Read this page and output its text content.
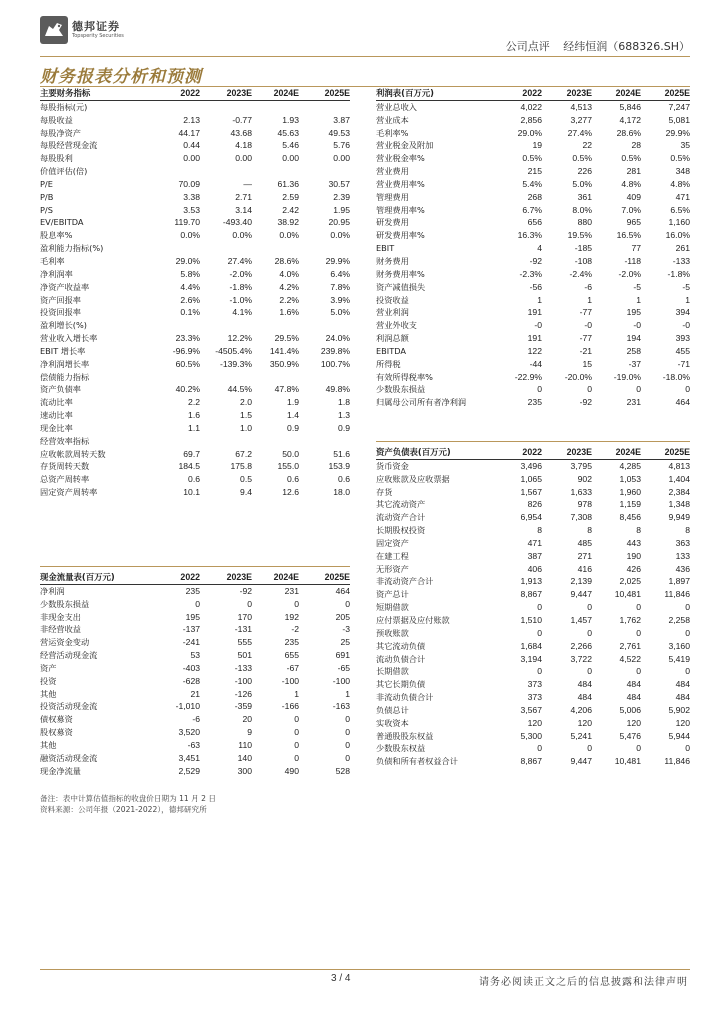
德邦证券
Topsperity Securities
公司点评 经纬恒润（688326.SH）
财务报表分析和预测
主要财务指标	2022	2023E	2024E	2025E
每股指标(元)				
每股收益	2.13	-0.77	1.93	3.87
每股净资产	44.17	43.68	45.63	49.53
每股经营现金流	0.44	4.18	5.46	5.76
每股股利	0.00	0.00	0.00	0.00
价值评估(倍)				
P/E	70.09	—	61.36	30.57
P/B	3.38	2.71	2.59	2.39
P/S	3.53	3.14	2.42	1.95
EV/EBITDA	119.70	-493.40	38.92	20.95
股息率%	0.0%	0.0%	0.0%	0.0%
盈利能力指标(%)				
毛利率	29.0%	27.4%	28.6%	29.9%
净利润率	5.8%	-2.0%	4.0%	6.4%
净资产收益率	4.4%	-1.8%	4.2%	7.8%
资产回报率	2.6%	-1.0%	2.2%	3.9%
投资回报率	0.1%	4.1%	1.6%	5.0%
盈利增长(%)				
营业收入增长率	23.3%	12.2%	29.5%	24.0%
EBIT 增长率	-96.9%	-4505.4%	141.4%	239.8%
净利润增长率	60.5%	-139.3%	350.9%	100.7%
偿债能力指标				
资产负债率	40.2%	44.5%	47.8%	49.8%
流动比率	2.2	2.0	1.9	1.8
速动比率	1.6	1.5	1.4	1.3
现金比率	1.1	1.0	0.9	0.9
经营效率指标				
应收帐款周转天数	69.7	67.2	50.0	51.6
存货周转天数	184.5	175.8	155.0	153.9
总资产周转率	0.6	0.5	0.6	0.6
固定资产周转率	10.1	9.4	12.6	18.0
利润表(百万元)	2022	2023E	2024E	2025E
营业总收入	4,022	4,513	5,846	7,247
营业成本	2,856	3,277	4,172	5,081
毛利率%	29.0%	27.4%	28.6%	29.9%
营业税金及附加	19	22	28	35
营业税金率%	0.5%	0.5%	0.5%	0.5%
营业费用	215	226	281	348
营业费用率%	5.4%	5.0%	4.8%	4.8%
管理费用	268	361	409	471
管理费用率%	6.7%	8.0%	7.0%	6.5%
研发费用	656	880	965	1,160
研发费用率%	16.3%	19.5%	16.5%	16.0%
EBIT	4	-185	77	261
财务费用	-92	-108	-118	-133
财务费用率%	-2.3%	-2.4%	-2.0%	-1.8%
资产减值损失	-56	-6	-5	-5
投资收益	1	1	1	1
营业利润	191	-77	195	394
营业外收支	-0	-0	-0	-0
利润总额	191	-77	194	393
EBITDA	122	-21	258	455
所得税	-44	15	-37	-71
有效所得税率%	-22.9%	-20.0%	-19.0%	-18.0%
少数股东损益	0	0	0	0
归属母公司所有者净利润	235	-92	231	464
资产负债表(百万元)	2022	2023E	2024E	2025E
货币资金	3,496	3,795	4,285	4,813
应收账款及应收票据	1,065	902	1,053	1,404
存货	1,567	1,633	1,960	2,384
其它流动资产	826	978	1,159	1,348
流动资产合计	6,954	7,308	8,456	9,949
长期股权投资	8	8	8	8
固定资产	471	485	443	363
在建工程	387	271	190	133
无形资产	406	416	426	436
非流动资产合计	1,913	2,139	2,025	1,897
资产总计	8,867	9,447	10,481	11,846
短期借款	0	0	0	0
应付票据及应付账款	1,510	1,457	1,762	2,258
预收账款	0	0	0	0
其它流动负债	1,684	2,266	2,761	3,160
流动负债合计	3,194	3,722	4,522	5,419
长期借款	0	0	0	0
其它长期负债	373	484	484	484
非流动负债合计	373	484	484	484
负债总计	3,567	4,206	5,006	5,902
实收资本	120	120	120	120
普通股股东权益	5,300	5,241	5,476	5,944
少数股东权益	0	0	0	0
负债和所有者权益合计	8,867	9,447	10,481	11,846
现金流量表(百万元)	2022	2023E	2024E	2025E
净利润	235	-92	231	464
少数股东损益	0	0	0	0
非现金支出	195	170	192	205
非经营收益	-137	-131	-2	-3
营运资金变动	-241	555	235	25
经营活动现金流	53	501	655	691
资产	-403	-133	-67	-65
投资	-628	-100	-100	-100
其他	21	-126	1	1
投资活动现金流	-1,010	-359	-166	-163
债权募资	-6	20	0	0
股权募资	3,520	9	0	0
其他	-63	110	0	0
融资活动现金流	3,451	140	0	0
现金净流量	2,529	300	490	528
备注：表中计算估值指标的收盘价日期为 11 月 2 日
资料来源：公司年报（2021-2022），德邦研究所
3 / 4	请务必阅读正文之后的信息披露和法律声明
